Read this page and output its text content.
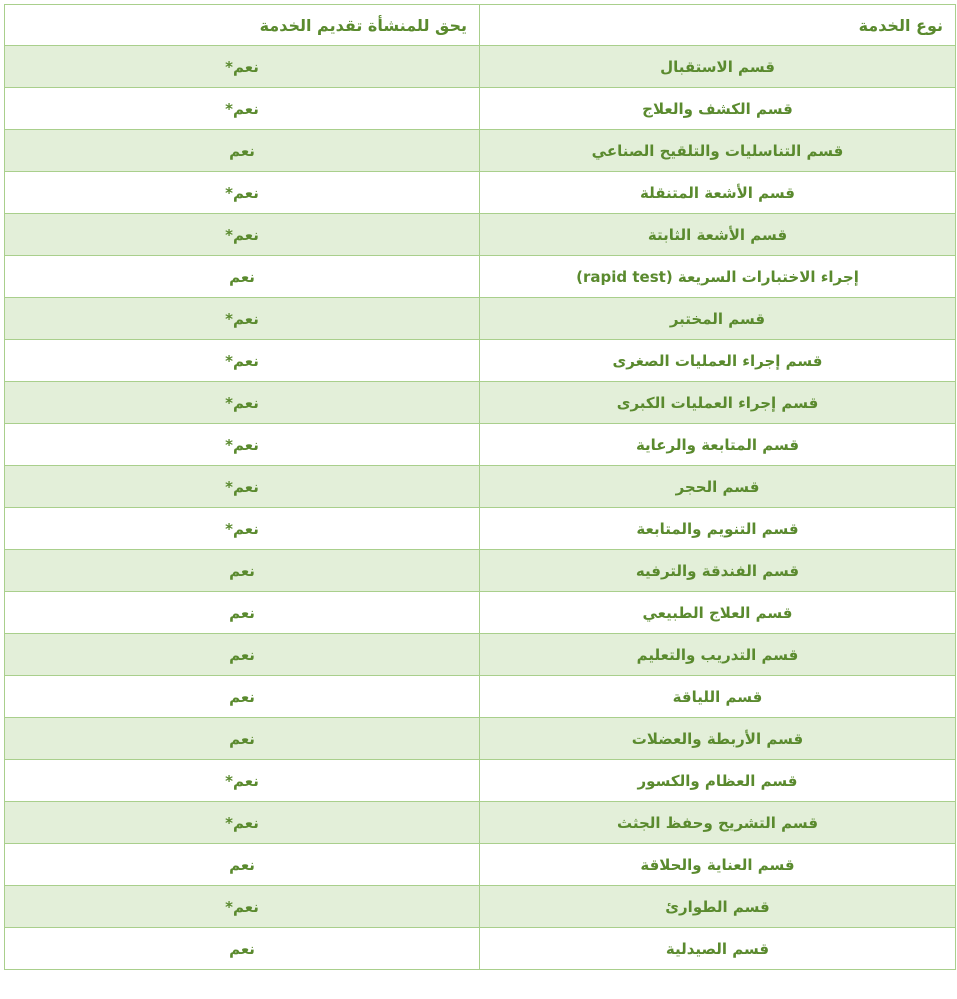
نوع الخدمة	يحق للمنشأة تقديم الخدمة
قسم الاستقبال	نعم*
قسم الكشف والعلاج	نعم*
قسم التناسليات والتلقيح الصناعي	نعم
قسم الأشعة المتنقلة	نعم*
قسم الأشعة الثابتة	نعم*
إجراء الاختبارات السريعة (rapid test)	نعم
قسم المختبر	نعم*
قسم إجراء العمليات الصغرى	نعم*
قسم إجراء العمليات الكبرى	نعم*
قسم المتابعة والرعاية	نعم*
قسم الحجر	نعم*
قسم التنويم والمتابعة	نعم*
قسم الفندقة والترفيه	نعم
قسم العلاج الطبيعي	نعم
قسم التدريب والتعليم	نعم
قسم اللياقة	نعم
قسم الأربطة والعضلات	نعم
قسم العظام والكسور	نعم*
قسم التشريح وحفظ الجثث	نعم*
قسم العناية والحلاقة	نعم
قسم الطوارئ	نعم*
قسم الصيدلية	نعم
